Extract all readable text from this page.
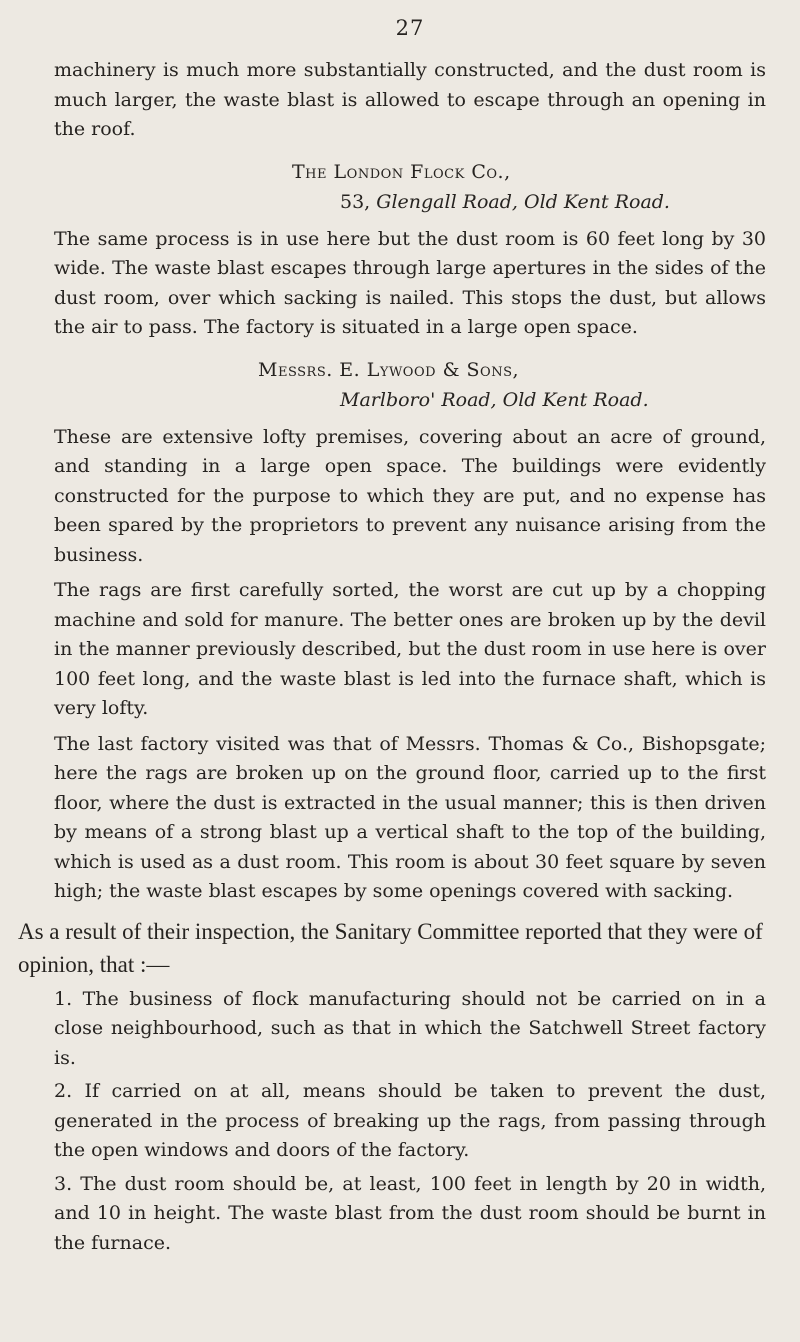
27

machinery is much more substantially constructed, and the dust room is much larger, the waste blast is allowed to escape through an opening in the roof.

The London Flock Co.,
53, Glengall Road, Old Kent Road.

The same process is in use here but the dust room is 60 feet long by 30 wide. The waste blast escapes through large apertures in the sides of the dust room, over which sacking is nailed. This stops the dust, but allows the air to pass. The factory is situated in a large open space.

Messrs. E. Lywood & Sons,
Marlboro' Road, Old Kent Road.

These are extensive lofty premises, covering about an acre of ground, and standing in a large open space. The buildings were evidently constructed for the purpose to which they are put, and no expense has been spared by the proprietors to prevent any nuisance arising from the business.

The rags are first carefully sorted, the worst are cut up by a chopping machine and sold for manure. The better ones are broken up by the devil in the manner previously described, but the dust room in use here is over 100 feet long, and the waste blast is led into the furnace shaft, which is very lofty.

The last factory visited was that of Messrs. Thomas & Co., Bishopsgate; here the rags are broken up on the ground floor, carried up to the first floor, where the dust is extracted in the usual manner; this is then driven by means of a strong blast up a vertical shaft to the top of the building, which is used as a dust room. This room is about 30 feet square by seven high; the waste blast escapes by some openings covered with sacking.

As a result of their inspection, the Sanitary Committee reported that they were of opinion, that :—

1. The business of flock manufacturing should not be carried on in a close neighbourhood, such as that in which the Satchwell Street factory is.

2. If carried on at all, means should be taken to prevent the dust, generated in the process of breaking up the rags, from passing through the open windows and doors of the factory.

3. The dust room should be, at least, 100 feet in length by 20 in width, and 10 in height. The waste blast from the dust room should be burnt in the furnace.
